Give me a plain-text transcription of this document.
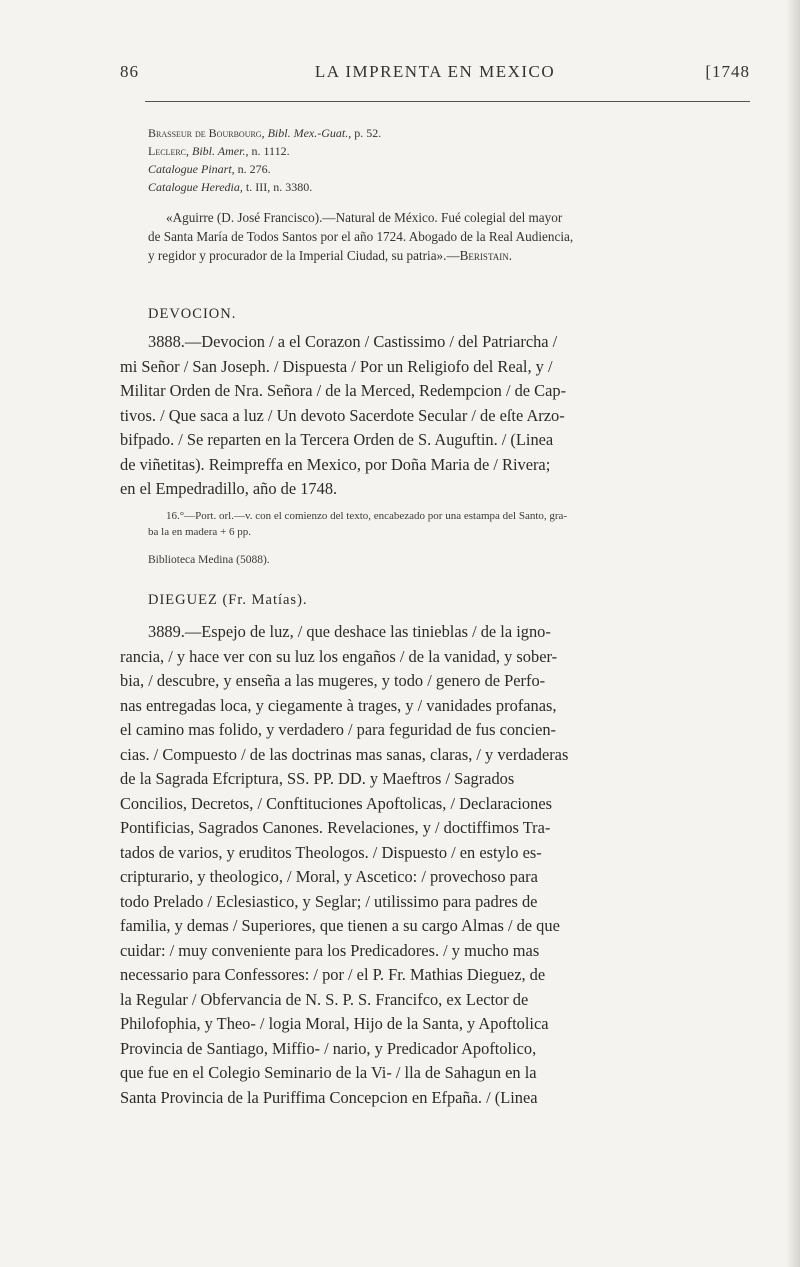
86	LA IMPRENTA EN MEXICO	[1748
Brasseur de Bourbourg, Bibl. Mex.-Guat., p. 52.
Leclerc, Bibl. Amer., n. 1112.
Catalogue Pinart, n. 276.
Catalogue Heredia, t. III, n. 3380.

«Aguirre (D. José Francisco).—Natural de México. Fué colegial del mayor

de Santa María de Todos Santos por el año 1724. Abogado de la Real Audiencia,

y regidor y procurador de la Imperial Ciudad, su patria».—Beristain.

DEVOCION.
3888.—Devocion / a el Corazon / Castissimo / del Patriarcha /
mi Señor / San Joseph. / Dispuesta / Por un Religiofo del Real, y /
Militar Orden de Nra. Señora / de la Merced, Redempcion / de Cap-
tivos. / Que saca a luz / Un devoto Sacerdote Secular / de eſte Arzo-
bifpado. / Se reparten en la Tercera Orden de S. Auguftin. / (Linea
de viñetitas). Reimpreffa en Mexico, por Doña Maria de / Rivera;
en el Empedradillo, año de 1748.
16.°—Port. orl.—v. con el comienzo del texto, encabezado por una estampa del Santo, gra-
ba la en madera + 6 pp.
Biblioteca Medina (5088).
DIEGUEZ (Fr. Matías).
3889.—Espejo de luz, / que deshace las tinieblas / de la igno-
rancia, / y hace ver con su luz los engaños / de la vanidad, y sober-
bia, / descubre, y enseña a las mugeres, y todo / genero de Perfo-
nas entregadas loca, y ciegamente à trages, y / vanidades profanas,
el camino mas folido, y verdadero / para feguridad de fus concien-
cias. / Compuesto / de las doctrinas mas sanas, claras, / y verdaderas
de la Sagrada Efcriptura, SS. PP. DD. y Maeftros / Sagrados
Concilios, Decretos, / Conftituciones Apoftolicas, / Declaraciones
Pontificias, Sagrados Canones. Revelaciones, y / doctiffimos Tra-
tados de varios, y eruditos Theologos. / Dispuesto / en estylo es-
cripturario, y theologico, / Moral, y Ascetico: / provechoso para
todo Prelado / Eclesiastico, y Seglar; / utilissimo para padres de
familia, y demas / Superiores, que tienen a su cargo Almas / de que
cuidar: / muy conveniente para los Predicadores. / y mucho mas
necessario para Confessores: / por / el P. Fr. Mathias Dieguez, de
la Regular / Obfervancia de N. S. P. S. Francifco, ex Lector de
Philofophia, y Theo- / logia Moral, Hijo de la Santa, y Apoftolica
Provincia de Santiago, Miffio- / nario, y Predicador Apoftolico,
que fue en el Colegio Seminario de la Vi- / lla de Sahagun en la
Santa Provincia de la Puriffima Concepcion en Efpaña. / (Linea
